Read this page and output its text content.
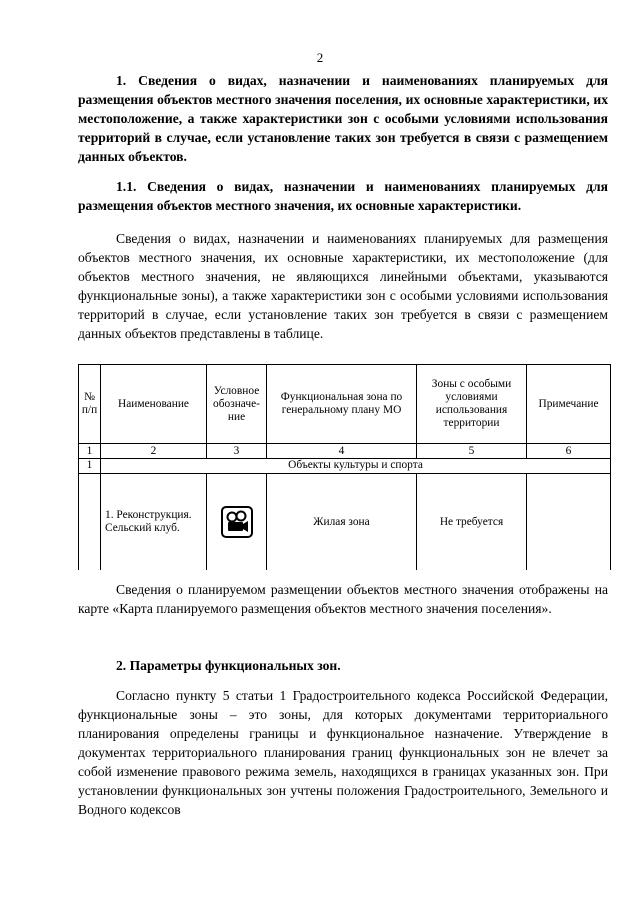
2

1. Сведения о видах, назначении и наименованиях планируемых для размещения объектов местного значения поселения, их основные характеристики, их местоположение, а также характеристики зон с особыми условиями использования территорий в случае, если установление таких зон требуется в связи с размещением данных объектов.

1.1. Сведения о видах, назначении и наименованиях планируемых для размещения объектов местного значения, их основные характеристики.

Сведения о видах, назначении и наименованиях планируемых для размещения объектов местного значения, их основные характеристики, их местоположение (для объектов местного значения, не являющихся линейными объектами, указываются функциональные зоны), а также характеристики зон с особыми условиями использования территорий в случае, если установление таких зон требуется в связи с размещением данных объектов представлены в таблице.

№ п/п	Наименование	Условное обозначе-ние	Функциональная зона по генеральному плану МО	Зоны с особыми условиями использования территории	Примечание
1	2	3	4	5	6
1	Объекты культуры и спорта				
	1. Реконструкция. Сельский клуб.		Жилая зона	Не требуется	

Сведения о планируемом размещении объектов местного значения отображены на карте «Карта планируемого размещения объектов местного значения поселения».

2. Параметры функциональных зон.

Согласно пункту 5 статьи 1 Градостроительного кодекса Российской Федерации, функциональные зоны – это зоны, для которых документами территориального планирования определены границы и функциональное назначение. Утверждение в документах территориального планирования границ функциональных зон не влечет за собой изменение правового режима земель, находящихся в границах указанных зон. При установлении функциональных зон учтены положения Градостроительного, Земельного и Водного кодексов
